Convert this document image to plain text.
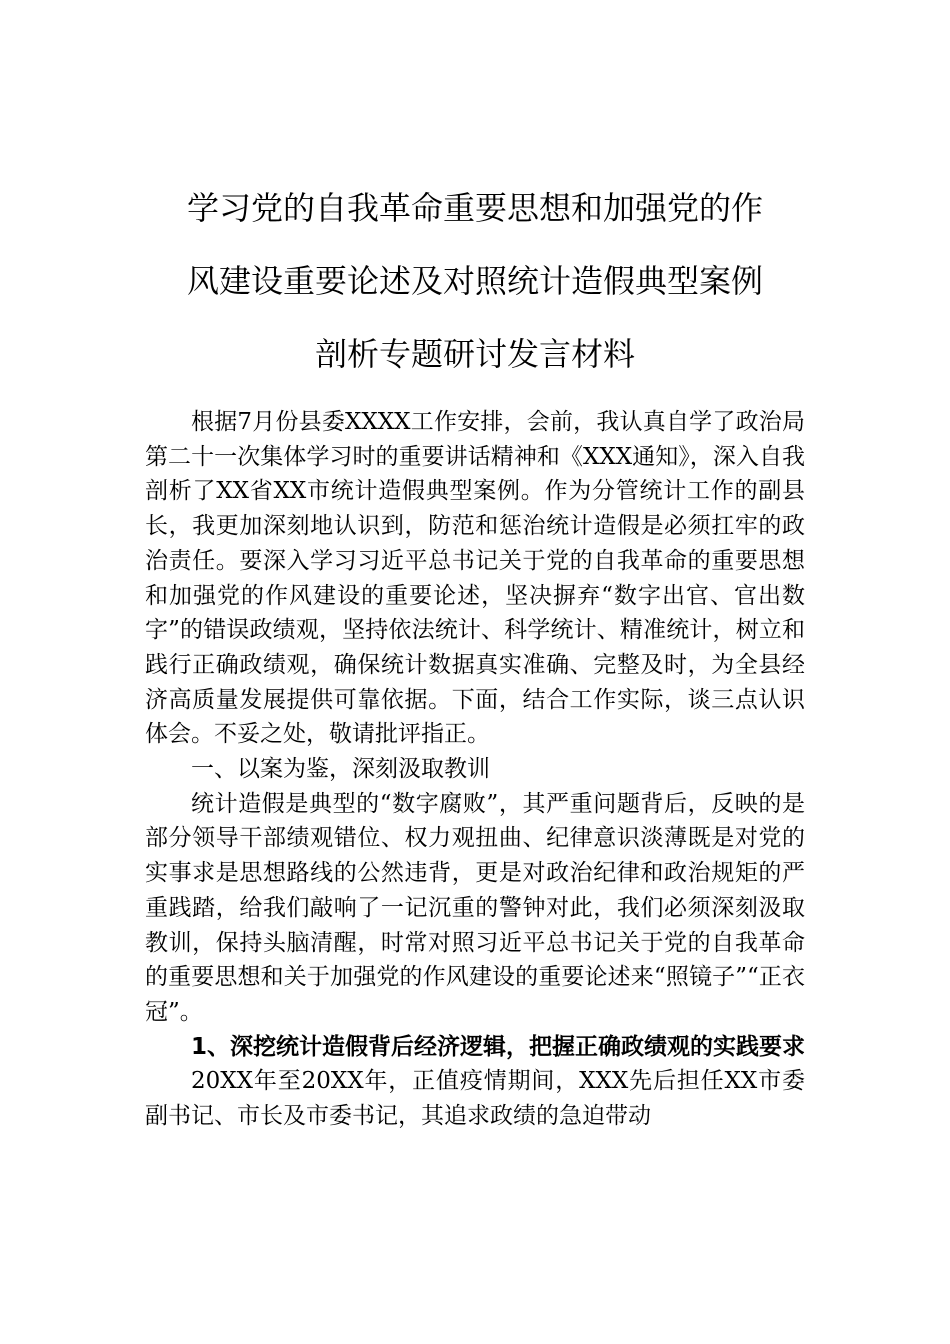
学习党的自我革命重要思想和加强党的作
风建设重要论述及对照统计造假典型案例
剖析专题研讨发言材料

根据7月份县委XXXX工作安排，会前，我认真自学了政治局第二十一次集体学习时的重要讲话精神和《XXX通知》，深入自我剖析了XX省XX市统计造假典型案例。作为分管统计工作的副县长，我更加深刻地认识到，防范和惩治统计造假是必须扛牢的政治责任。要深入学习习近平总书记关于党的自我革命的重要思想和加强党的作风建设的重要论述，坚决摒弃“数字出官、官出数字”的错误政绩观，坚持依法统计、科学统计、精准统计，树立和践行正确政绩观，确保统计数据真实准确、完整及时，为全县经济高质量发展提供可靠依据。下面，结合工作实际，谈三点认识体会。不妥之处，敬请批评指正。

一、以案为鉴，深刻汲取教训

统计造假是典型的“数字腐败”，其严重问题背后，反映的是部分领导干部绩观错位、权力观扭曲、纪律意识淡薄既是对党的实事求是思想路线的公然违背，更是对政治纪律和政治规矩的严重践踏，给我们敲响了一记沉重的警钟对此，我们必须深刻汲取教训，保持头脑清醒，时常对照习近平总书记关于党的自我革命的重要思想和关于加强党的作风建设的重要论述来“照镜子”“正衣冠”。

1、深挖统计造假背后经济逻辑，把握正确政绩观的实践要求

20XX年至20XX年，正值疫情期间，XXX先后担任XX市委副书记、市长及市委书记，其追求政绩的急迫带动
